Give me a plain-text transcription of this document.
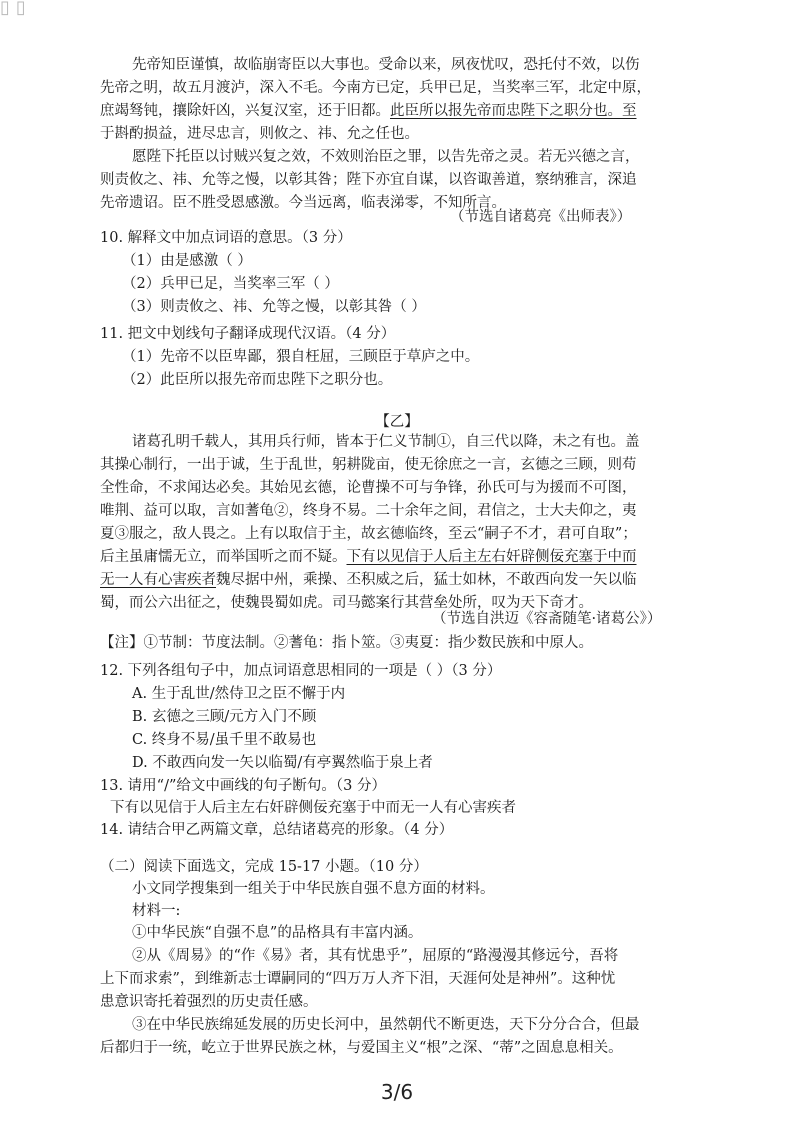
▯▯
先帝知臣谨慎，故临崩寄臣以大事也。受命以来，夙夜忧叹，恐托付不效，以伤
先帝之明，故五月渡泸，深入不毛。今南方已定，兵甲已足，当奖率三军，北定中原，
庶竭驽钝，攘除奸凶，兴复汉室，还于旧都。此臣所以报先帝而忠陛下之职分也。至
于斟酌损益，进尽忠言，则攸之、祎、允之任也。
愿陛下托臣以讨贼兴复之效，不效则治臣之罪，以告先帝之灵。若无兴德之言，
则责攸之、祎、允等之慢，以彰其咎；陛下亦宜自谋，以咨诹善道，察纳雅言，深追
先帝遗诏。臣不胜受恩感激。今当远离，临表涕零，不知所言。
（节选自诸葛亮《出师表》）
10. 解释文中加点词语的意思。（3 分）
（1）由是感激（ ）
（2）兵甲已足，当奖率三军（ ）
（3）则责攸之、祎、允等之慢，以彰其咎（ ）
11. 把文中划线句子翻译成现代汉语。（4 分）
（1）先帝不以臣卑鄙，猥自枉屈，三顾臣于草庐之中。
（2）此臣所以报先帝而忠陛下之职分也。
【乙】
诸葛孔明千载人，其用兵行师，皆本于仁义节制①，自三代以降，未之有也。盖
其操心制行，一出于诚，生于乱世，躬耕陇亩，使无徐庶之一言，玄德之三顾，则苟
全性命，不求闻达必矣。其始见玄德，论曹操不可与争锋，孙氏可与为援而不可图，
唯荆、益可以取，言如蓍龟②，终身不易。二十余年之间，君信之，士大夫仰之，夷
夏③服之，敌人畏之。上有以取信于主，故玄德临终，至云“嗣子不才，君可自取”；
后主虽庸懦无立，而举国听之而不疑。下有以见信于人后主左右奸辟侧佞充塞于中而
无一人有心害疾者魏尽据中州，乘操、丕积威之后，猛士如林，不敢西向发一矢以临
蜀，而公六出征之，使魏畏蜀如虎。司马懿案行其营垒处所，叹为天下奇才。
（节选自洪迈《容斋随笔·诸葛公》）
【注】①节制：节度法制。②蓍龟：指卜筮。③夷夏：指少数民族和中原人。
12. 下列各组句子中，加点词语意思相同的一项是（ ）（3 分）
A. 生于乱世/然侍卫之臣不懈于内
B. 玄德之三顾/元方入门不顾
C. 终身不易/虽千里不敢易也
D. 不敢西向发一矢以临蜀/有亭翼然临于泉上者
13. 请用“/”给文中画线的句子断句。（3 分）
下有以见信于人后主左右奸辟侧佞充塞于中而无一人有心害疾者
14. 请结合甲乙两篇文章，总结诸葛亮的形象。（4 分）
（二）阅读下面选文，完成 15-17 小题。（10 分）
小文同学搜集到一组关于中华民族自强不息方面的材料。
材料一:
①中华民族“自强不息”的品格具有丰富内涵。
②从《周易》的“作《易》者，其有忧患乎”，屈原的“路漫漫其修远兮，吾将
上下而求索”，到维新志士谭嗣同的“四万万人齐下泪，天涯何处是神州”。这种忧
患意识寄托着强烈的历史责任感。
③在中华民族绵延发展的历史长河中，虽然朝代不断更迭，天下分分合合，但最
后都归于一统，屹立于世界民族之林，与爱国主义“根”之深、“蒂”之固息息相关。
3/6
